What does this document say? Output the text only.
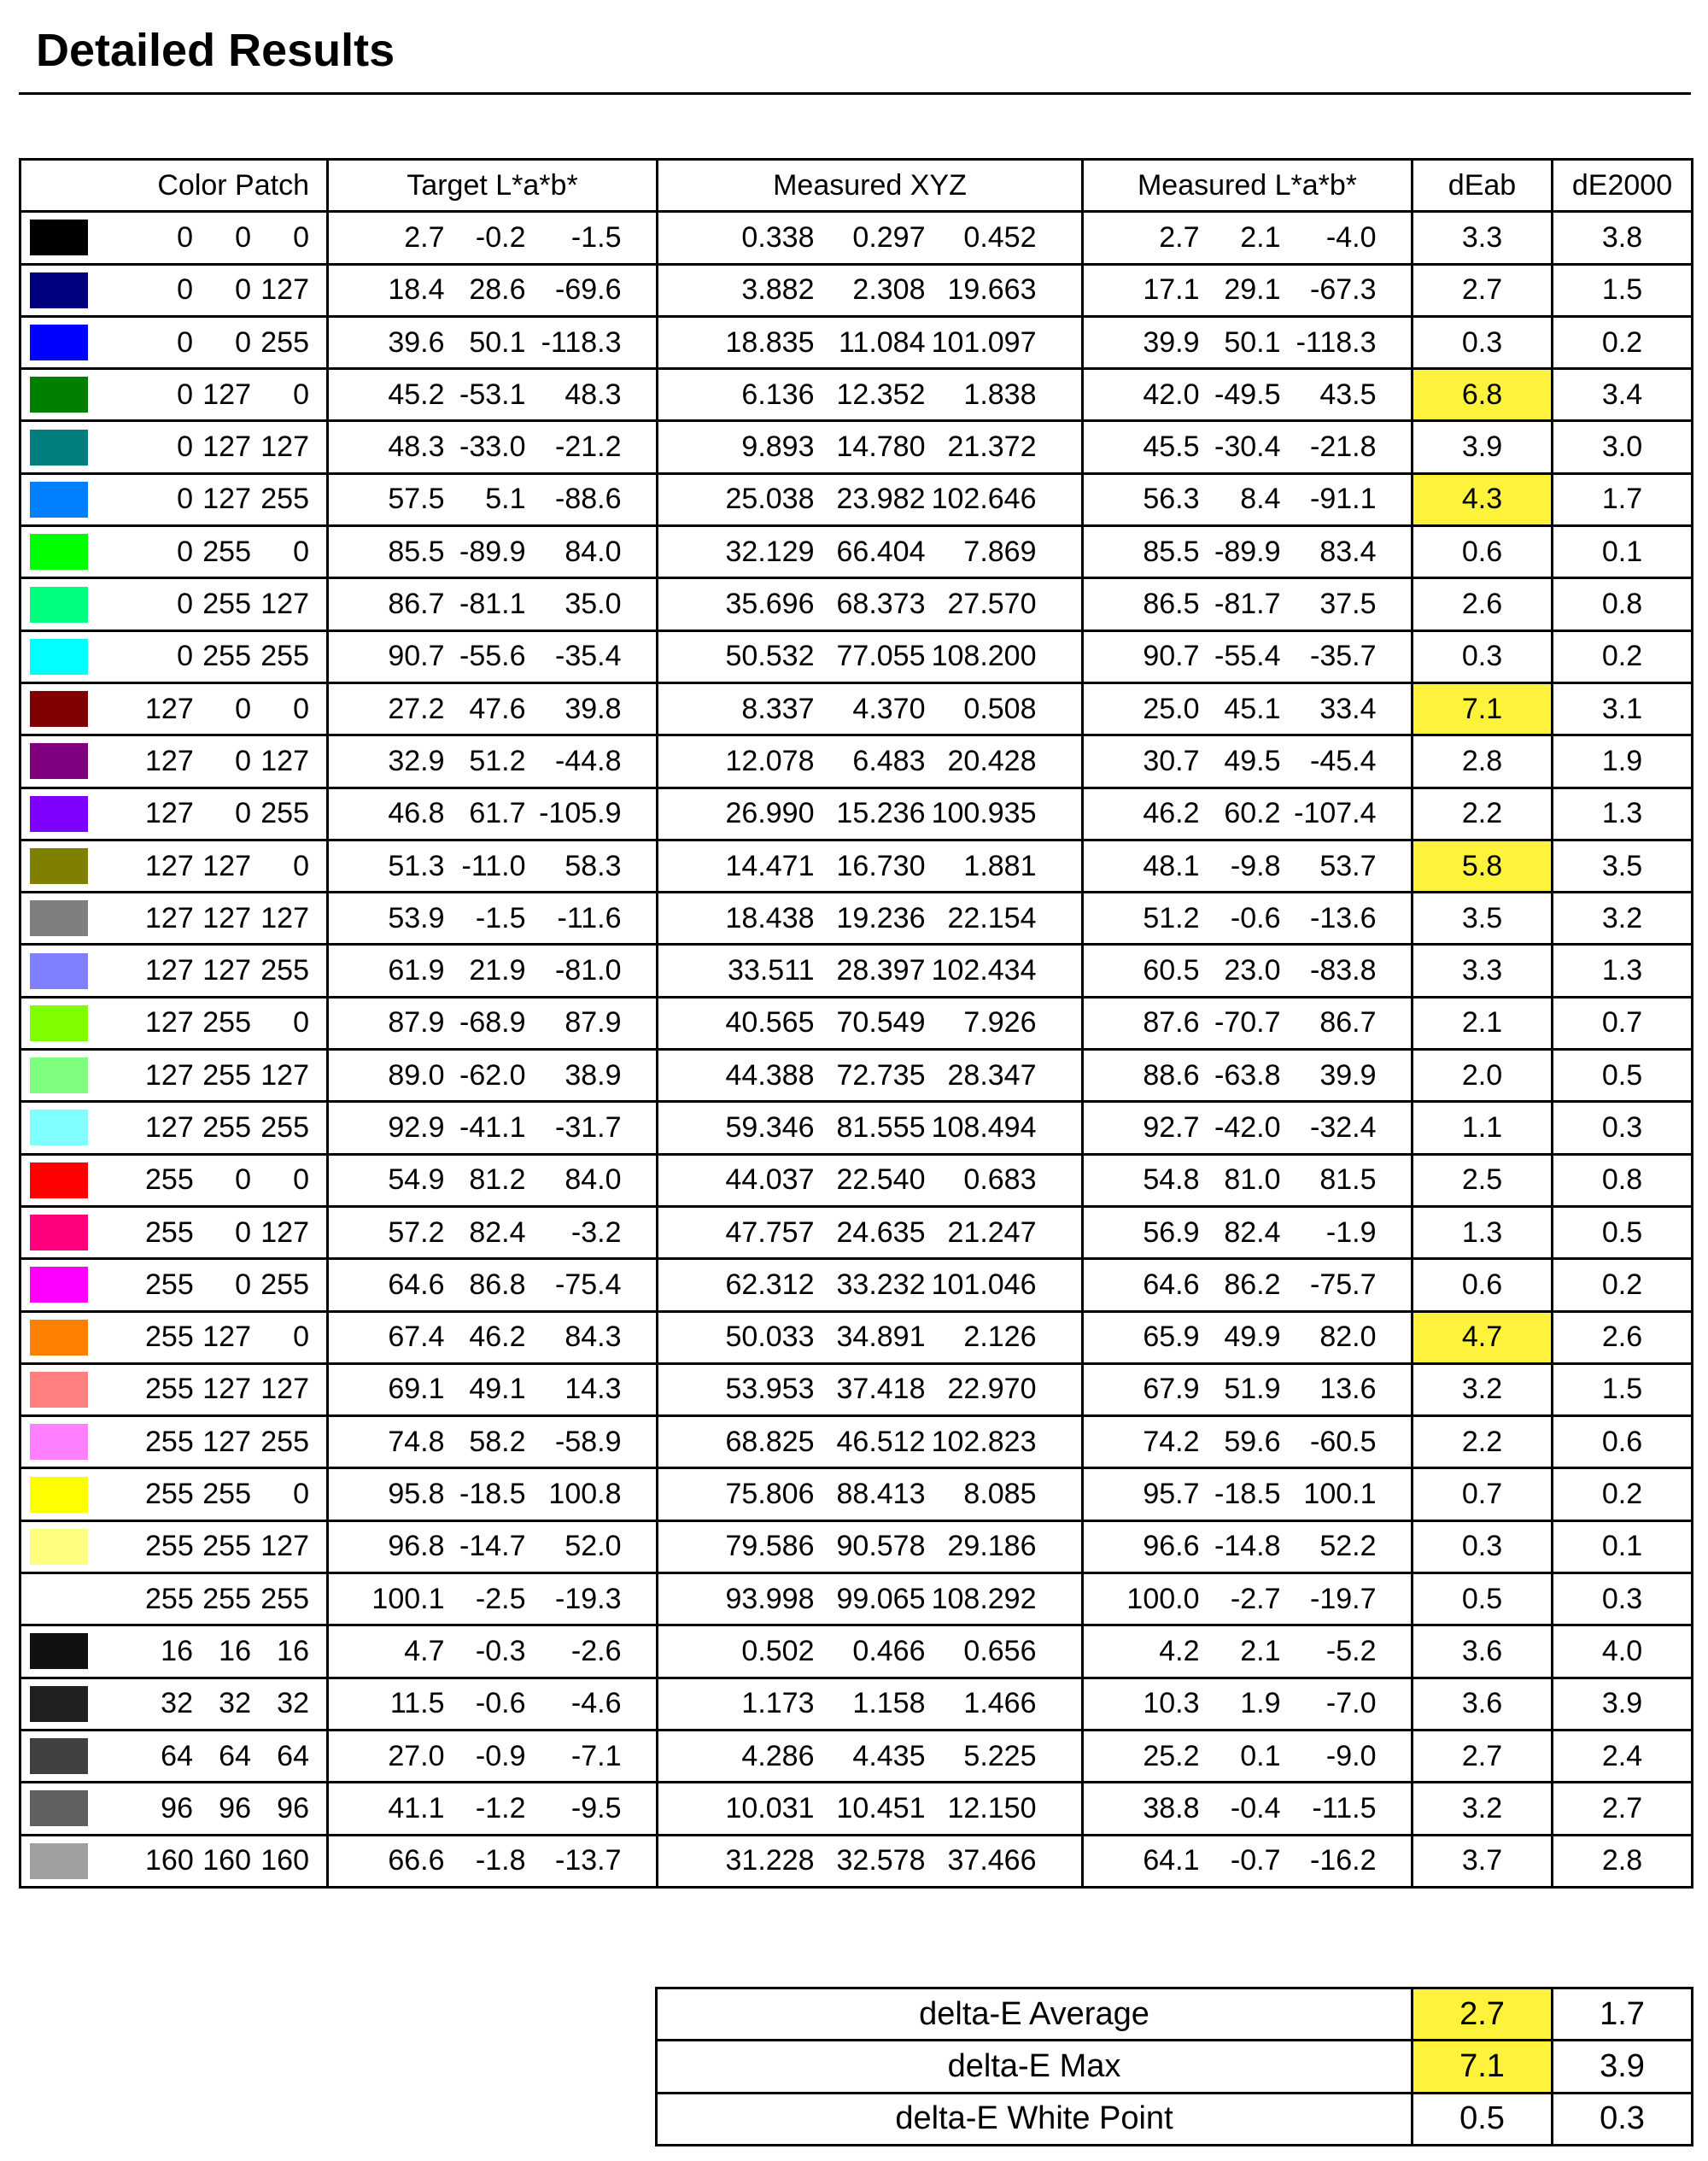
Detailed Results
Color Patch	Target L*a*b*	Measured XYZ	Measured L*a*b*	dEab	dE2000

0 0 0	2.7 -0.2 -1.5	0.338 0.297 0.452	2.7 2.1 -4.0	3.3	3.8

0 0 127	18.4 28.6 -69.6	3.882 2.308 19.663	17.1 29.1 -67.3	2.7	1.5

0 0 255	39.6 50.1 -118.3	18.835 11.084 101.097	39.9 50.1 -118.3	0.3	0.2

0 127 0	45.2 -53.1 48.3	6.136 12.352 1.838	42.0 -49.5 43.5	6.8	3.4

0 127 127	48.3 -33.0 -21.2	9.893 14.780 21.372	45.5 -30.4 -21.8	3.9	3.0

0 127 255	57.5 5.1 -88.6	25.038 23.982 102.646	56.3 8.4 -91.1	4.3	1.7

0 255 0	85.5 -89.9 84.0	32.129 66.404 7.869	85.5 -89.9 83.4	0.6	0.1

0 255 127	86.7 -81.1 35.0	35.696 68.373 27.570	86.5 -81.7 37.5	2.6	0.8

0 255 255	90.7 -55.6 -35.4	50.532 77.055 108.200	90.7 -55.4 -35.7	0.3	0.2

127 0 0	27.2 47.6 39.8	8.337 4.370 0.508	25.0 45.1 33.4	7.1	3.1

127 0 127	32.9 51.2 -44.8	12.078 6.483 20.428	30.7 49.5 -45.4	2.8	1.9

127 0 255	46.8 61.7 -105.9	26.990 15.236 100.935	46.2 60.2 -107.4	2.2	1.3

127 127 0	51.3 -11.0 58.3	14.471 16.730 1.881	48.1 -9.8 53.7	5.8	3.5

127 127 127	53.9 -1.5 -11.6	18.438 19.236 22.154	51.2 -0.6 -13.6	3.5	3.2

127 127 255	61.9 21.9 -81.0	33.511 28.397 102.434	60.5 23.0 -83.8	3.3	1.3

127 255 0	87.9 -68.9 87.9	40.565 70.549 7.926	87.6 -70.7 86.7	2.1	0.7

127 255 127	89.0 -62.0 38.9	44.388 72.735 28.347	88.6 -63.8 39.9	2.0	0.5

127 255 255	92.9 -41.1 -31.7	59.346 81.555 108.494	92.7 -42.0 -32.4	1.1	0.3

255 0 0	54.9 81.2 84.0	44.037 22.540 0.683	54.8 81.0 81.5	2.5	0.8

255 0 127	57.2 82.4 -3.2	47.757 24.635 21.247	56.9 82.4 -1.9	1.3	0.5

255 0 255	64.6 86.8 -75.4	62.312 33.232 101.046	64.6 86.2 -75.7	0.6	0.2

255 127 0	67.4 46.2 84.3	50.033 34.891 2.126	65.9 49.9 82.0	4.7	2.6

255 127 127	69.1 49.1 14.3	53.953 37.418 22.970	67.9 51.9 13.6	3.2	1.5

255 127 255	74.8 58.2 -58.9	68.825 46.512 102.823	74.2 59.6 -60.5	2.2	0.6

255 255 0	95.8 -18.5 100.8	75.806 88.413 8.085	95.7 -18.5 100.1	0.7	0.2

255 255 127	96.8 -14.7 52.0	79.586 90.578 29.186	96.6 -14.8 52.2	0.3	0.1

255 255 255	100.1 -2.5 -19.3	93.998 99.065 108.292	100.0 -2.7 -19.7	0.5	0.3

16 16 16	4.7 -0.3 -2.6	0.502 0.466 0.656	4.2 2.1 -5.2	3.6	4.0

32 32 32	11.5 -0.6 -4.6	1.173 1.158 1.466	10.3 1.9 -7.0	3.6	3.9

64 64 64	27.0 -0.9 -7.1	4.286 4.435 5.225	25.2 0.1 -9.0	2.7	2.4

96 96 96	41.1 -1.2 -9.5	10.031 10.451 12.150	38.8 -0.4 -11.5	3.2	2.7

160 160 160	66.6 -1.8 -13.7	31.228 32.578 37.466	64.1 -0.7 -16.2	3.7	2.8
delta-E Average	2.7	1.7
delta-E Max	7.1	3.9
delta-E White Point	0.5	0.3
